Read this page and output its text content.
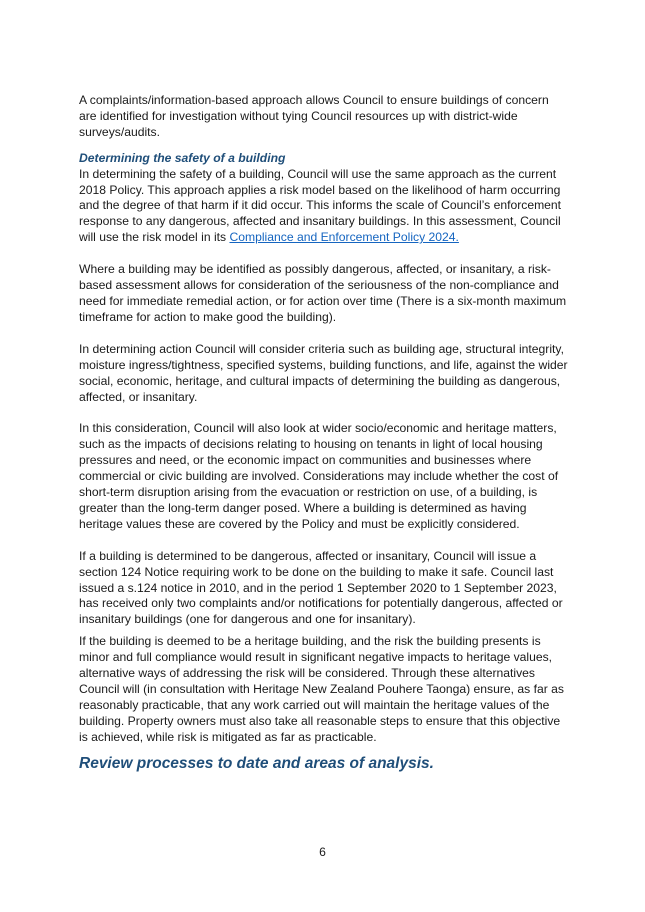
A complaints/information-based approach allows Council to ensure buildings of concern are identified for investigation without tying Council resources up with district-wide surveys/audits.

Determining the safety of a building

In determining the safety of a building, Council will use the same approach as the current 2018 Policy. This approach applies a risk model based on the likelihood of harm occurring and the degree of that harm if it did occur. This informs the scale of Council’s enforcement response to any dangerous, affected and insanitary buildings. In this assessment, Council will use the risk model in its Compliance and Enforcement Policy 2024.

Where a building may be identified as possibly dangerous, affected, or insanitary, a risk-based assessment allows for consideration of the seriousness of the non-compliance and need for immediate remedial action, or for action over time (There is a six-month maximum timeframe for action to make good the building).

In determining action Council will consider criteria such as building age, structural integrity, moisture ingress/tightness, specified systems, building functions, and life, against the wider social, economic, heritage, and cultural impacts of determining the building as dangerous, affected, or insanitary.

In this consideration, Council will also look at wider socio/economic and heritage matters, such as the impacts of decisions relating to housing on tenants in light of local housing pressures and need, or the economic impact on communities and businesses where commercial or civic building are involved. Considerations may include whether the cost of short-term disruption arising from the evacuation or restriction on use, of a building, is greater than the long-term danger posed. Where a building is determined as having heritage values these are covered by the Policy and must be explicitly considered.

If a building is determined to be dangerous, affected or insanitary, Council will issue a section 124 Notice requiring work to be done on the building to make it safe. Council last issued a s.124 notice in 2010, and in the period 1 September 2020 to 1 September 2023, has received only two complaints and/or notifications for potentially dangerous, affected or insanitary buildings (one for dangerous and one for insanitary).

If the building is deemed to be a heritage building, and the risk the building presents is minor and full compliance would result in significant negative impacts to heritage values, alternative ways of addressing the risk will be considered. Through these alternatives Council will (in consultation with Heritage New Zealand Pouhere Taonga) ensure, as far as reasonably practicable, that any work carried out will maintain the heritage values of the building. Property owners must also take all reasonable steps to ensure that this objective is achieved, while risk is mitigated as far as practicable.

Review processes to date and areas of analysis.
6
